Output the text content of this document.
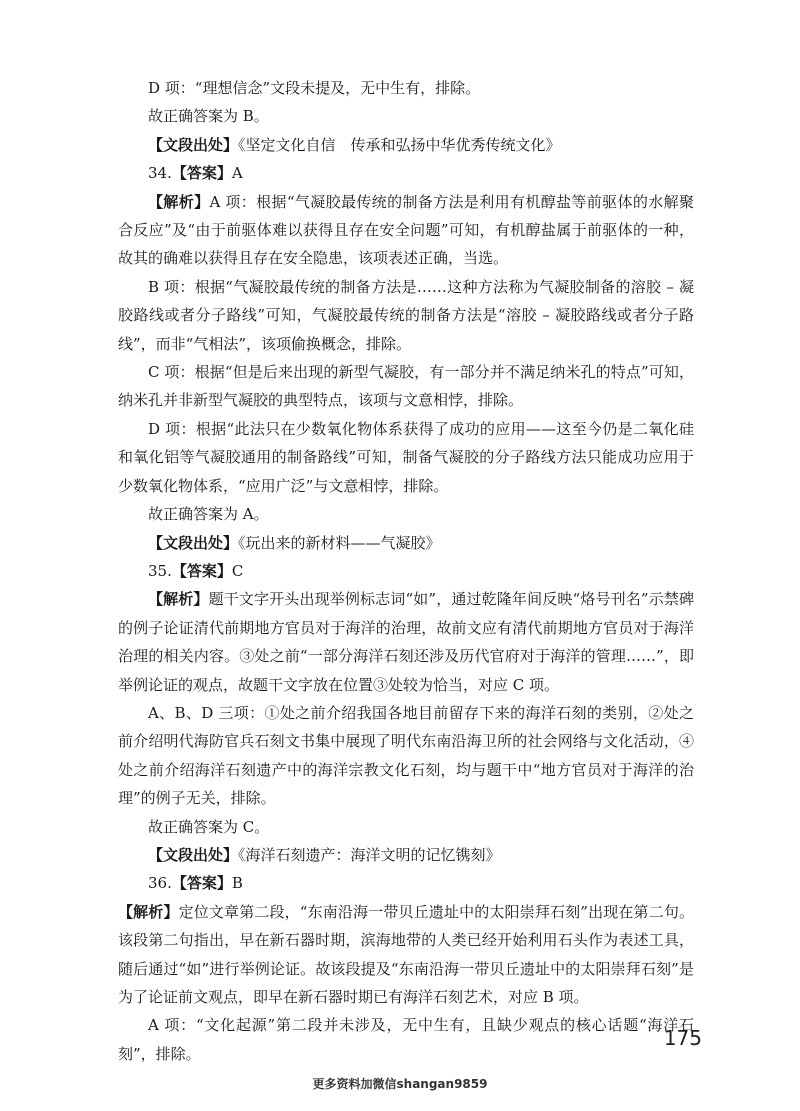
D 项：“理想信念”文段未提及，无中生有，排除。

故正确答案为 B。

【文段出处】《坚定文化自信　传承和弘扬中华优秀传统文化》

34.【答案】A

【解析】A 项：根据“气凝胶最传统的制备方法是利用有机醇盐等前驱体的水解聚合反应”及“由于前驱体难以获得且存在安全问题”可知，有机醇盐属于前驱体的一种，故其的确难以获得且存在安全隐患，该项表述正确，当选。

B 项：根据“气凝胶最传统的制备方法是……这种方法称为气凝胶制备的溶胶 – 凝胶路线或者分子路线”可知，气凝胶最传统的制备方法是“溶胶 – 凝胶路线或者分子路线”，而非“气相法”，该项偷换概念，排除。

C 项：根据“但是后来出现的新型气凝胶，有一部分并不满足纳米孔的特点”可知，纳米孔并非新型气凝胶的典型特点，该项与文意相悖，排除。

D 项：根据“此法只在少数氧化物体系获得了成功的应用——这至今仍是二氧化硅和氧化铝等气凝胶通用的制备路线”可知，制备气凝胶的分子路线方法只能成功应用于少数氧化物体系，“应用广泛”与文意相悖，排除。

故正确答案为 A。

【文段出处】《玩出来的新材料——气凝胶》

35.【答案】C

【解析】题干文字开头出现举例标志词“如”，通过乾隆年间反映“烙号刊名”示禁碑的例子论证清代前期地方官员对于海洋的治理，故前文应有清代前期地方官员对于海洋治理的相关内容。③处之前“一部分海洋石刻还涉及历代官府对于海洋的管理……”，即举例论证的观点，故题干文字放在位置③处较为恰当，对应 C 项。

A、B、D 三项：①处之前介绍我国各地目前留存下来的海洋石刻的类别，②处之前介绍明代海防官兵石刻文书集中展现了明代东南沿海卫所的社会网络与文化活动，④处之前介绍海洋石刻遗产中的海洋宗教文化石刻，均与题干中“地方官员对于海洋的治理”的例子无关，排除。

故正确答案为 C。

【文段出处】《海洋石刻遗产：海洋文明的记忆镌刻》

36.【答案】B

【解析】定位文章第二段，“东南沿海一带贝丘遗址中的太阳崇拜石刻”出现在第二句。该段第二句指出，早在新石器时期，滨海地带的人类已经开始利用石头作为表述工具，随后通过“如”进行举例论证。故该段提及“东南沿海一带贝丘遗址中的太阳崇拜石刻”是为了论证前文观点，即早在新石器时期已有海洋石刻艺术，对应 B 项。

A 项：“文化起源”第二段并未涉及，无中生有，且缺少观点的核心话题“海洋石刻”，排除。

175
更多资料加微信shangan9859
